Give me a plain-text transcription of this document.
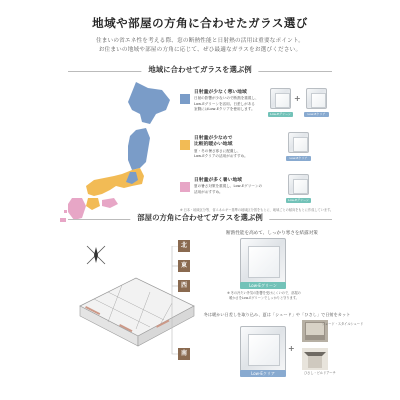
地域や部屋の方角に合わせたガラス選び
住まいの省エネ性を考える際、窓の断熱性能と日射熱の活用は重要なポイント。
お住まいの地域や部屋の方角に応じて、ぜひ最適なガラスをお選びください。
地域に合わせてガラスを選ぶ例
日射量が少なく寒い地域
日射の影響が少ないので断熱を重視し、
Low-Eグリーンを活用。日差しがある
室側にはLow-Eクリアを使用します。
Low-Eグリーン
+
Low-Eクリア
日射量が少なめで
比較的暖かい地域
夏・冬の暑さ寒さに配慮し、
Low-Eクリアの活用がおすすめ。	Low-Eクリア
日射量が多く暑い地域
夏の暑さ対策を重視し、Low-Eグリーンの
活用がおすすめ。
Low-Eグリーン
※ 日本・地域区分等、省エネルギー基準の地域区分図をもとに、地域ごとの傾向をもとに作成しています。
部屋の方角に合わせてガラスを選ぶ例
北
東
西
南
断熱性能を高めて、しっかり寒さを結露対策
Low-Eグリーン
※ 冬の冷たい外気の影響を受けにくいので、部屋の
暖かさをLow-Eグリーンでしっかりと守ります。
冬は暖かい日差しを取り込み、夏は「シェード」や「ひさし」で日射をカット
Low-Eクリア
+
シェード・スタイルシェード
ひさし・ビルドアーチ
